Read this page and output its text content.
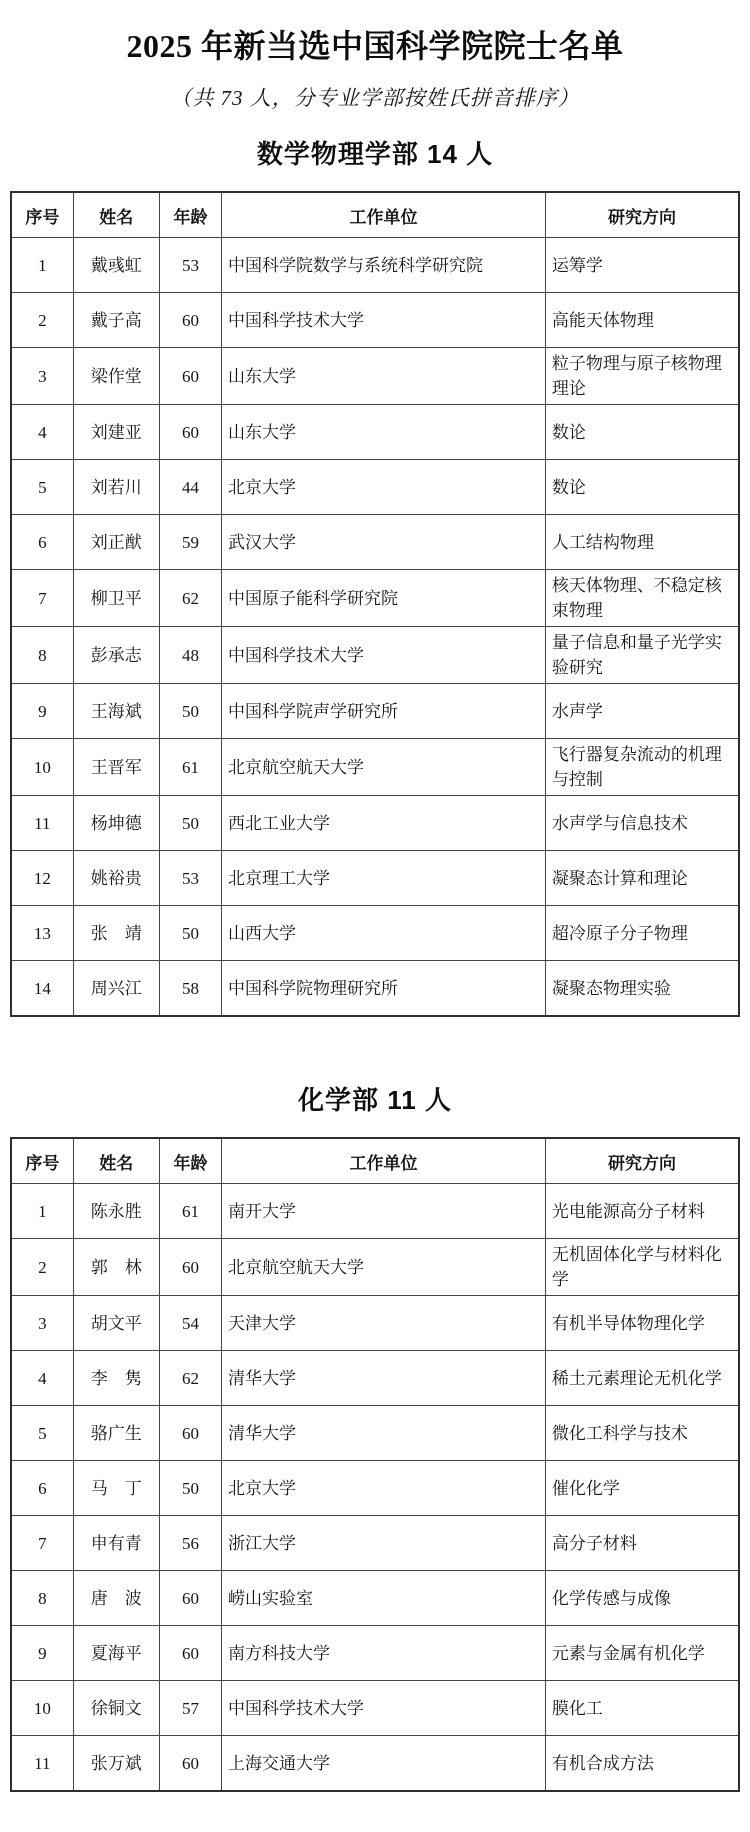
2025 年新当选中国科学院院士名单

（共 73 人，分专业学部按姓氏拼音排序）

数学物理学部 14 人
序号	姓名	年龄	工作单位	研究方向
1	戴彧虹	53	中国科学院数学与系统科学研究院	运筹学
2	戴子高	60	中国科学技术大学	高能天体物理
3	梁作堂	60	山东大学	粒子物理与原子核物理理论
4	刘建亚	60	山东大学	数论
5	刘若川	44	北京大学	数论
6	刘正猷	59	武汉大学	人工结构物理
7	柳卫平	62	中国原子能科学研究院	核天体物理、不稳定核束物理
8	彭承志	48	中国科学技术大学	量子信息和量子光学实验研究
9	王海斌	50	中国科学院声学研究所	水声学
10	王晋军	61	北京航空航天大学	飞行器复杂流动的机理与控制
11	杨坤德	50	西北工业大学	水声学与信息技术
12	姚裕贵	53	北京理工大学	凝聚态计算和理论
13	张　靖	50	山西大学	超冷原子分子物理
14	周兴江	58	中国科学院物理研究所	凝聚态物理实验
化学部 11 人
序号	姓名	年龄	工作单位	研究方向
1	陈永胜	61	南开大学	光电能源高分子材料
2	郭　林	60	北京航空航天大学	无机固体化学与材料化学
3	胡文平	54	天津大学	有机半导体物理化学
4	李　隽	62	清华大学	稀土元素理论无机化学
5	骆广生	60	清华大学	微化工科学与技术
6	马　丁	50	北京大学	催化化学
7	申有青	56	浙江大学	高分子材料
8	唐　波	60	崂山实验室	化学传感与成像
9	夏海平	60	南方科技大学	元素与金属有机化学
10	徐铜文	57	中国科学技术大学	膜化工
11	张万斌	60	上海交通大学	有机合成方法
